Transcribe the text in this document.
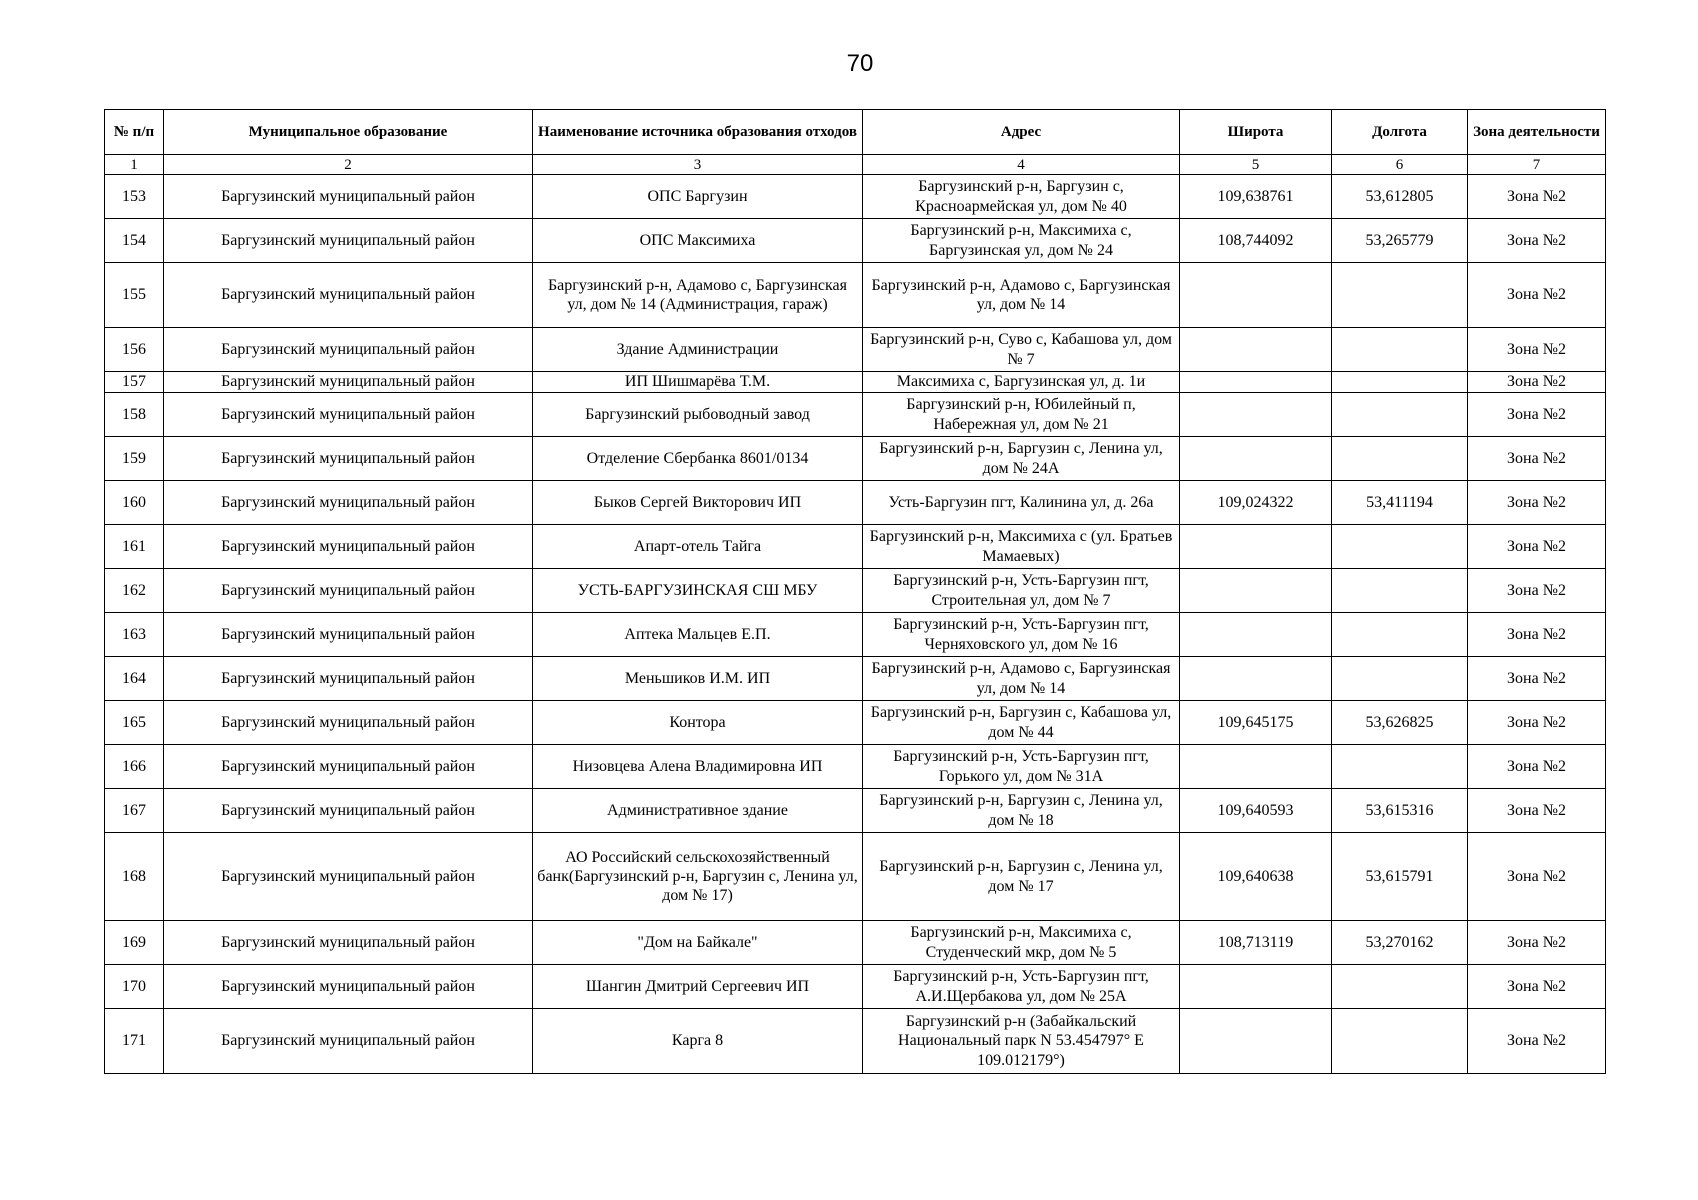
70
№ п/п	Муниципальное образование	Наименование источника образования отходов	Адрес	Широта	Долгота	Зона деятельности
1	2	3	4	5	6	7
153	Баргузинский муниципальный район	ОПС Баргузин	Баргузинский р-н, Баргузин с, Красноармейская ул, дом № 40	109,638761	53,612805	Зона №2
154	Баргузинский муниципальный район	ОПС Максимиха	Баргузинский р-н, Максимиха с, Баргузинская ул, дом № 24	108,744092	53,265779	Зона №2
155	Баргузинский муниципальный район	Баргузинский р-н, Адамово с, Баргузинская ул, дом № 14 (Администрация, гараж)	Баргузинский р-н, Адамово с, Баргузинская ул, дом № 14			Зона №2
156	Баргузинский муниципальный район	Здание Администрации	Баргузинский р-н, Суво с, Кабашова ул, дом № 7			Зона №2
157	Баргузинский муниципальный район	ИП Шишмарёва Т.М.	Максимиха с, Баргузинская ул, д. 1и			Зона №2
158	Баргузинский муниципальный район	Баргузинский рыбоводный завод	Баргузинский р-н, Юбилейный п, Набережная ул, дом № 21			Зона №2
159	Баргузинский муниципальный район	Отделение Сбербанка 8601/0134	Баргузинский р-н, Баргузин с, Ленина ул, дом № 24А			Зона №2
160	Баргузинский муниципальный район	Быков Сергей Викторович ИП	Усть-Баргузин пгт, Калинина ул, д. 26а	109,024322	53,411194	Зона №2
161	Баргузинский муниципальный район	Апарт-отель Тайга	Баргузинский р-н, Максимиха с (ул. Братьев Мамаевых)			Зона №2
162	Баргузинский муниципальный район	УСТЬ-БАРГУЗИНСКАЯ СШ МБУ	Баргузинский р-н, Усть-Баргузин пгт, Строительная ул, дом № 7			Зона №2
163	Баргузинский муниципальный район	Аптека Мальцев Е.П.	Баргузинский р-н, Усть-Баргузин пгт, Черняховского ул, дом № 16			Зона №2
164	Баргузинский муниципальный район	Меньшиков И.М. ИП	Баргузинский р-н, Адамово с, Баргузинская ул, дом № 14			Зона №2
165	Баргузинский муниципальный район	Контора	Баргузинский р-н, Баргузин с, Кабашова ул, дом № 44	109,645175	53,626825	Зона №2
166	Баргузинский муниципальный район	Низовцева Алена Владимировна ИП	Баргузинский р-н, Усть-Баргузин пгт, Горького ул, дом № 31А			Зона №2
167	Баргузинский муниципальный район	Административное здание	Баргузинский р-н, Баргузин с, Ленина ул, дом № 18	109,640593	53,615316	Зона №2
168	Баргузинский муниципальный район	АО Российский сельскохозяйственный банк(Баргузинский р-н, Баргузин с, Ленина ул, дом № 17)	Баргузинский р-н, Баргузин с, Ленина ул, дом № 17	109,640638	53,615791	Зона №2
169	Баргузинский муниципальный район	"Дом на Байкале"	Баргузинский р-н, Максимиха с, Студенческий мкр, дом № 5	108,713119	53,270162	Зона №2
170	Баргузинский муниципальный район	Шангин Дмитрий Сергеевич ИП	Баргузинский р-н, Усть-Баргузин пгт, А.И.Щербакова ул, дом № 25А			Зона №2
171	Баргузинский муниципальный район	Карга 8	Баргузинский р-н (Забайкальский Национальный парк N 53.454797° E 109.012179°)			Зона №2
